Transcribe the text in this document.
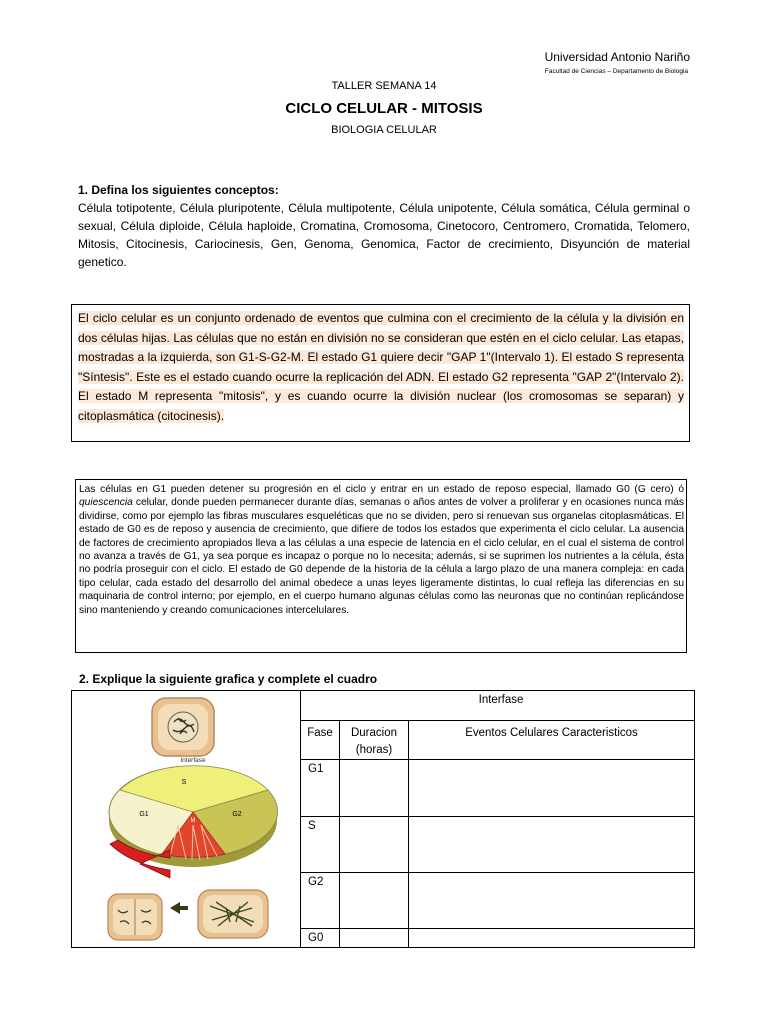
Universidad Antonio Nariño
Facultad de Ciencias – Departamento de Biologia
TALLER SEMANA 14
CICLO CELULAR - MITOSIS
BIOLOGIA CELULAR
1. Defina los siguientes conceptos:
Célula totipotente, Célula pluripotente, Célula multipotente, Célula unipotente, Célula somática, Célula germinal o sexual, Célula diploide, Célula haploide, Cromatina, Cromosoma, Cinetocoro, Centromero, Cromatida, Telomero, Mitosis, Citocinesis, Cariocinesis, Gen, Genoma, Genomica, Factor de crecimiento, Disyunción de material genetico.
El ciclo celular es un conjunto ordenado de eventos que culmina con el crecimiento de la célula y la división en dos células hijas. Las células que no están en división no se consideran que estén en el ciclo celular. Las etapas, mostradas a la izquierda, son G1-S-G2-M. El estado G1 quiere decir "GAP 1"(Intervalo 1). El estado S representa "Síntesis". Este es el estado cuando ocurre la replicación del ADN. El estado G2 representa "GAP 2"(Intervalo 2). El estado M representa "mitosis", y es cuando ocurre la división nuclear (los cromosomas se separan) y citoplasmática (citocinesis).
Las células en G1 pueden detener su progresión en el ciclo y entrar en un estado de reposo especial, llamado G0 (G cero) ó quiescencia celular, donde pueden permanecer durante días, semanas o años antes de volver a proliferar y en ocasiones nunca más dividirse, como por ejemplo las fibras musculares esqueléticas que no se dividen, pero si renuevan sus organelas citoplasmáticas. El estado de G0 es de reposo y ausencia de crecimiento, que difiere de todos los estados que experimenta el ciclo celular. La ausencia de factores de crecimiento apropiados lleva a las células a una especie de latencia en el ciclo celular, en el cual el sistema de control no avanza a través de G1, ya sea porque es incapaz o porque no lo necesita; además, si se suprimen los nutrientes a la célula, ésta no podría proseguir con el ciclo. El estado de G0 depende de la historia de la célula a largo plazo de una manera compleja: en cada tipo celular, cada estado del desarrollo del animal obedece a unas leyes ligeramente distintas, lo cual refleja las diferencias en su maquinaria de control interno; por ejemplo, en el cuerpo humano algunas células como las neuronas que no continúan replicándose sino manteniendo y creando comunicaciones intercelulares.
2. Explique la siguiente grafica y complete el cuadro
Interfase
S
G1	G2
M
Interfase		
Fase	Duracion (horas)	Eventos Celulares Caracteristicos
G1		
S		
G2		
G0		
